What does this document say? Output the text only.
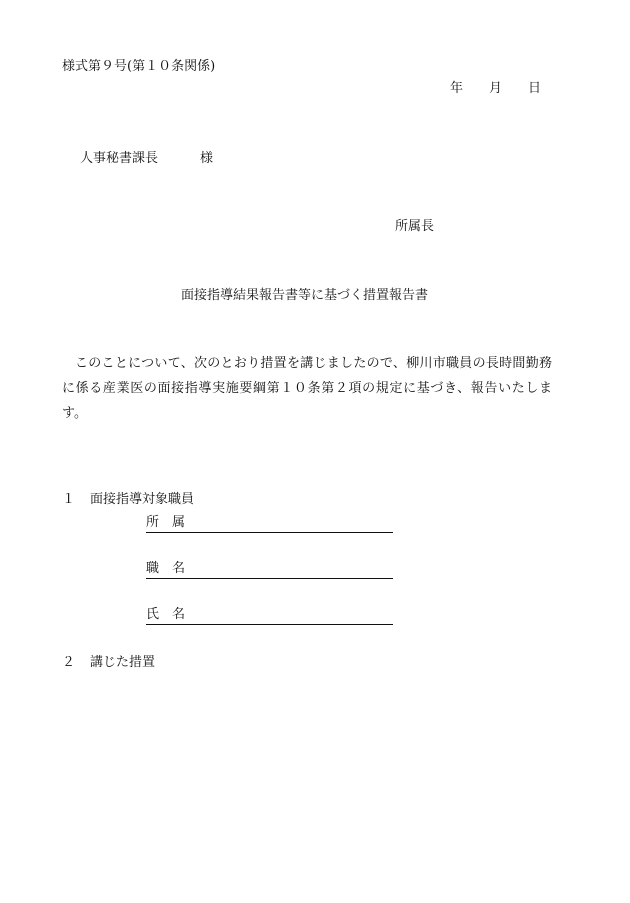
様式第９号(第１０条関係)
年 月 日
人事秘書課長	様
所属長
面接指導結果報告書等に基づく措置報告書
このことについて、次のとおり措置を講じましたので、柳川市職員の長時間勤務に係る産業医の面接指導実施要綱第１０条第２項の規定に基づき、報告いたします。
１ 面接指導対象職員
所 属
職 名
氏 名
２ 講じた措置
